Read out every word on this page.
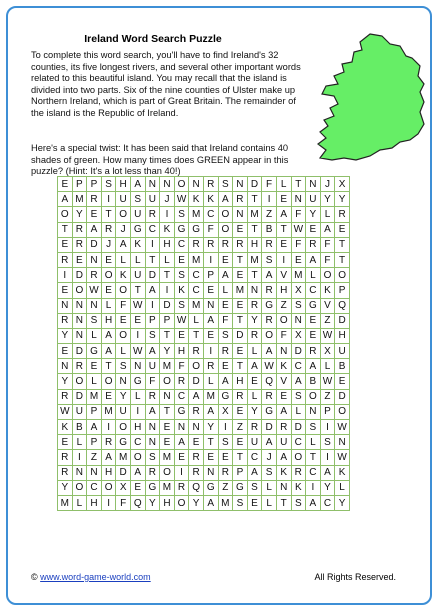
Ireland Word Search Puzzle
To complete this word search, you'll have to find Ireland's 32 counties, its five longest rivers, and several other important words related to this beautiful island. You may recall that the island is divided into two parts. Six of the nine counties of Ulster make up Northern Ireland, which is part of Great Britain. The remainder of the island is the Republic of Ireland.
Here's a special twist: It has been said that Ireland contains 40 shades of green. How many times does GREEN appear in this puzzle? (Hint: It's a lot less than 40!)
E	P	P	S	H	A	N	N	O	N	R	S	N	D	F	L	T	N	J	X
A	M	R	I	U	S	U	J	W	K	K	A	R	T	I	E	N	U	Y	Y
O	Y	E	T	O	U	R	I	S	M	C	O	N	M	Z	A	F	Y	L	R
T	R	A	R	J	G	C	K	G	G	F	O	E	T	B	T	W	E	A	E
E	R	D	J	A	K	I	H	C	R	R	R	R	H	R	E	F	R	F	T
R	E	N	E	L	L	T	L	E	M	I	E	T	M	S	I	E	A	F	T
I	D	R	O	K	U	D	T	S	C	P	A	E	T	A	V	M	L	O	O
E	O	W	E	O	T	A	I	K	C	E	L	M	N	R	H	X	C	K	P
N	N	N	L	F	W	I	D	S	M	N	E	E	R	G	Z	S	G	V	Q
R	N	S	H	E	E	P	P	W	L	A	F	T	Y	R	O	N	E	Z	D
Y	N	L	A	O	I	S	T	E	T	E	S	D	R	O	F	X	E	W	H
E	D	G	A	L	W	A	Y	H	R	I	R	E	L	A	N	D	R	X	U
N	R	E	T	S	N	U	M	F	O	R	E	T	A	W	K	C	A	L	B
Y	O	L	O	N	G	F	O	R	D	L	A	H	E	Q	V	A	B	W	E
R	D	M	E	Y	L	R	N	C	A	M	G	R	L	R	E	S	O	Z	D
W	U	P	M	U	I	A	T	G	R	A	X	E	Y	G	A	L	N	P	O
K	B	A	I	O	H	N	E	N	N	Y	I	Z	R	D	R	D	S	I	W
E	L	P	R	G	C	N	E	A	E	T	S	E	U	A	U	C	L	S	N
R	I	Z	A	M	O	S	M	E	R	E	E	T	C	J	A	O	T	I	W
R	N	N	H	D	A	R	O	I	R	N	R	P	A	S	K	R	C	A	K
Y	O	C	O	X	E	G	M	R	Q	G	Z	G	S	L	N	K	I	Y	L
M	L	H	I	F	Q	Y	H	O	Y	A	M	S	E	L	T	S	A	C	Y
© www.word-game-world.com	All Rights Reserved.
